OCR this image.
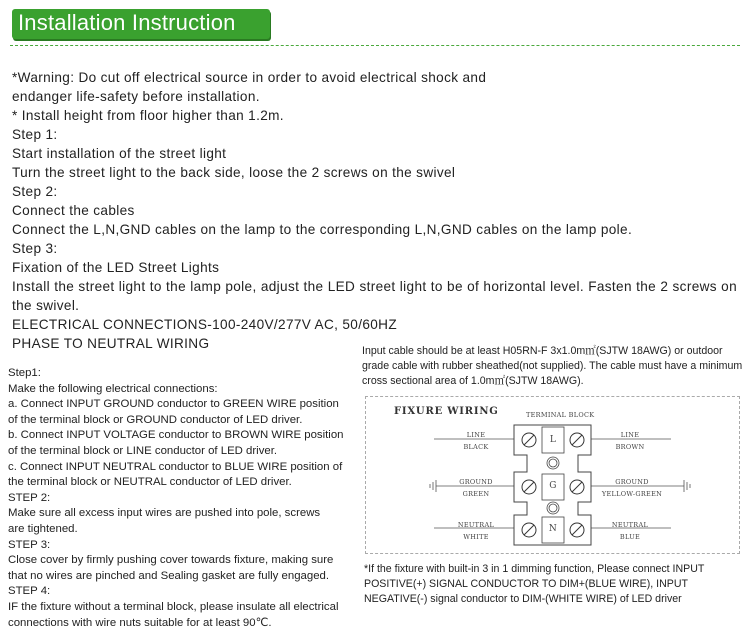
Installation Instruction
*Warning: Do cut off electrical source in order to avoid electrical shock and
endanger life-safety before installation.
* Install height from floor higher than 1.2m.
Step 1:
Start installation of the street light
Turn the street light to the back side, loose the 2 screws on the swivel
Step 2:
Connect the cables
Connect the L,N,GND cables on the lamp to the corresponding L,N,GND cables on the lamp pole.
Step 3:
Fixation of the LED Street Lights
Install the street light to the lamp pole, adjust the LED street light to be of horizontal level. Fasten the 2 screws on the swivel.
ELECTRICAL CONNECTIONS-100-240V/277V AC, 50/60HZ
PHASE TO NEUTRAL WIRING
Step1:
Make the following electrical connections:
a. Connect INPUT GROUND conductor to GREEN WIRE position
of the terminal block or GROUND conductor of LED driver.
b. Connect INPUT VOLTAGE conductor to BROWN WIRE position
of the terminal block or LINE conductor of LED driver.
c. Connect INPUT NEUTRAL conductor to BLUE WIRE position of
the terminal block or NEUTRAL conductor of LED driver.
STEP 2:
Make sure all excess input wires are pushed into pole, screws
are tightened.
STEP 3:
Close cover by firmly pushing cover towards fixture, making sure
that no wires are pinched and Sealing gasket are fully engaged.
STEP 4:
IF the fixture without a terminal block, please insulate all electrical
connections with wire nuts suitable for at least 90℃.
Input cable should be at least H05RN-F 3x1.0m㎡(SJTW 18AWG) or outdoor grade cable with rubber sheathed(not supplied). The cable must have a minimum cross sectional area of 1.0m㎡(SJTW 18AWG).
FIXURE WIRING	TERMINAL BLOCK
LINE
BLACK
L	LINE
BROWN
GROUND
GREEN
G	GROUND
YELLOW-GREEN
NEUTRAL
WHITE
N	NEUTRAL
BLUE
*If the fixture with built-in 3 in 1 dimming function, Please connect INPUT POSITIVE(+) SIGNAL CONDUCTOR TO DIM+(BLUE WIRE), INPUT NEGATIVE(-) signal conductor to DIM-(WHITE WIRE) of LED driver
